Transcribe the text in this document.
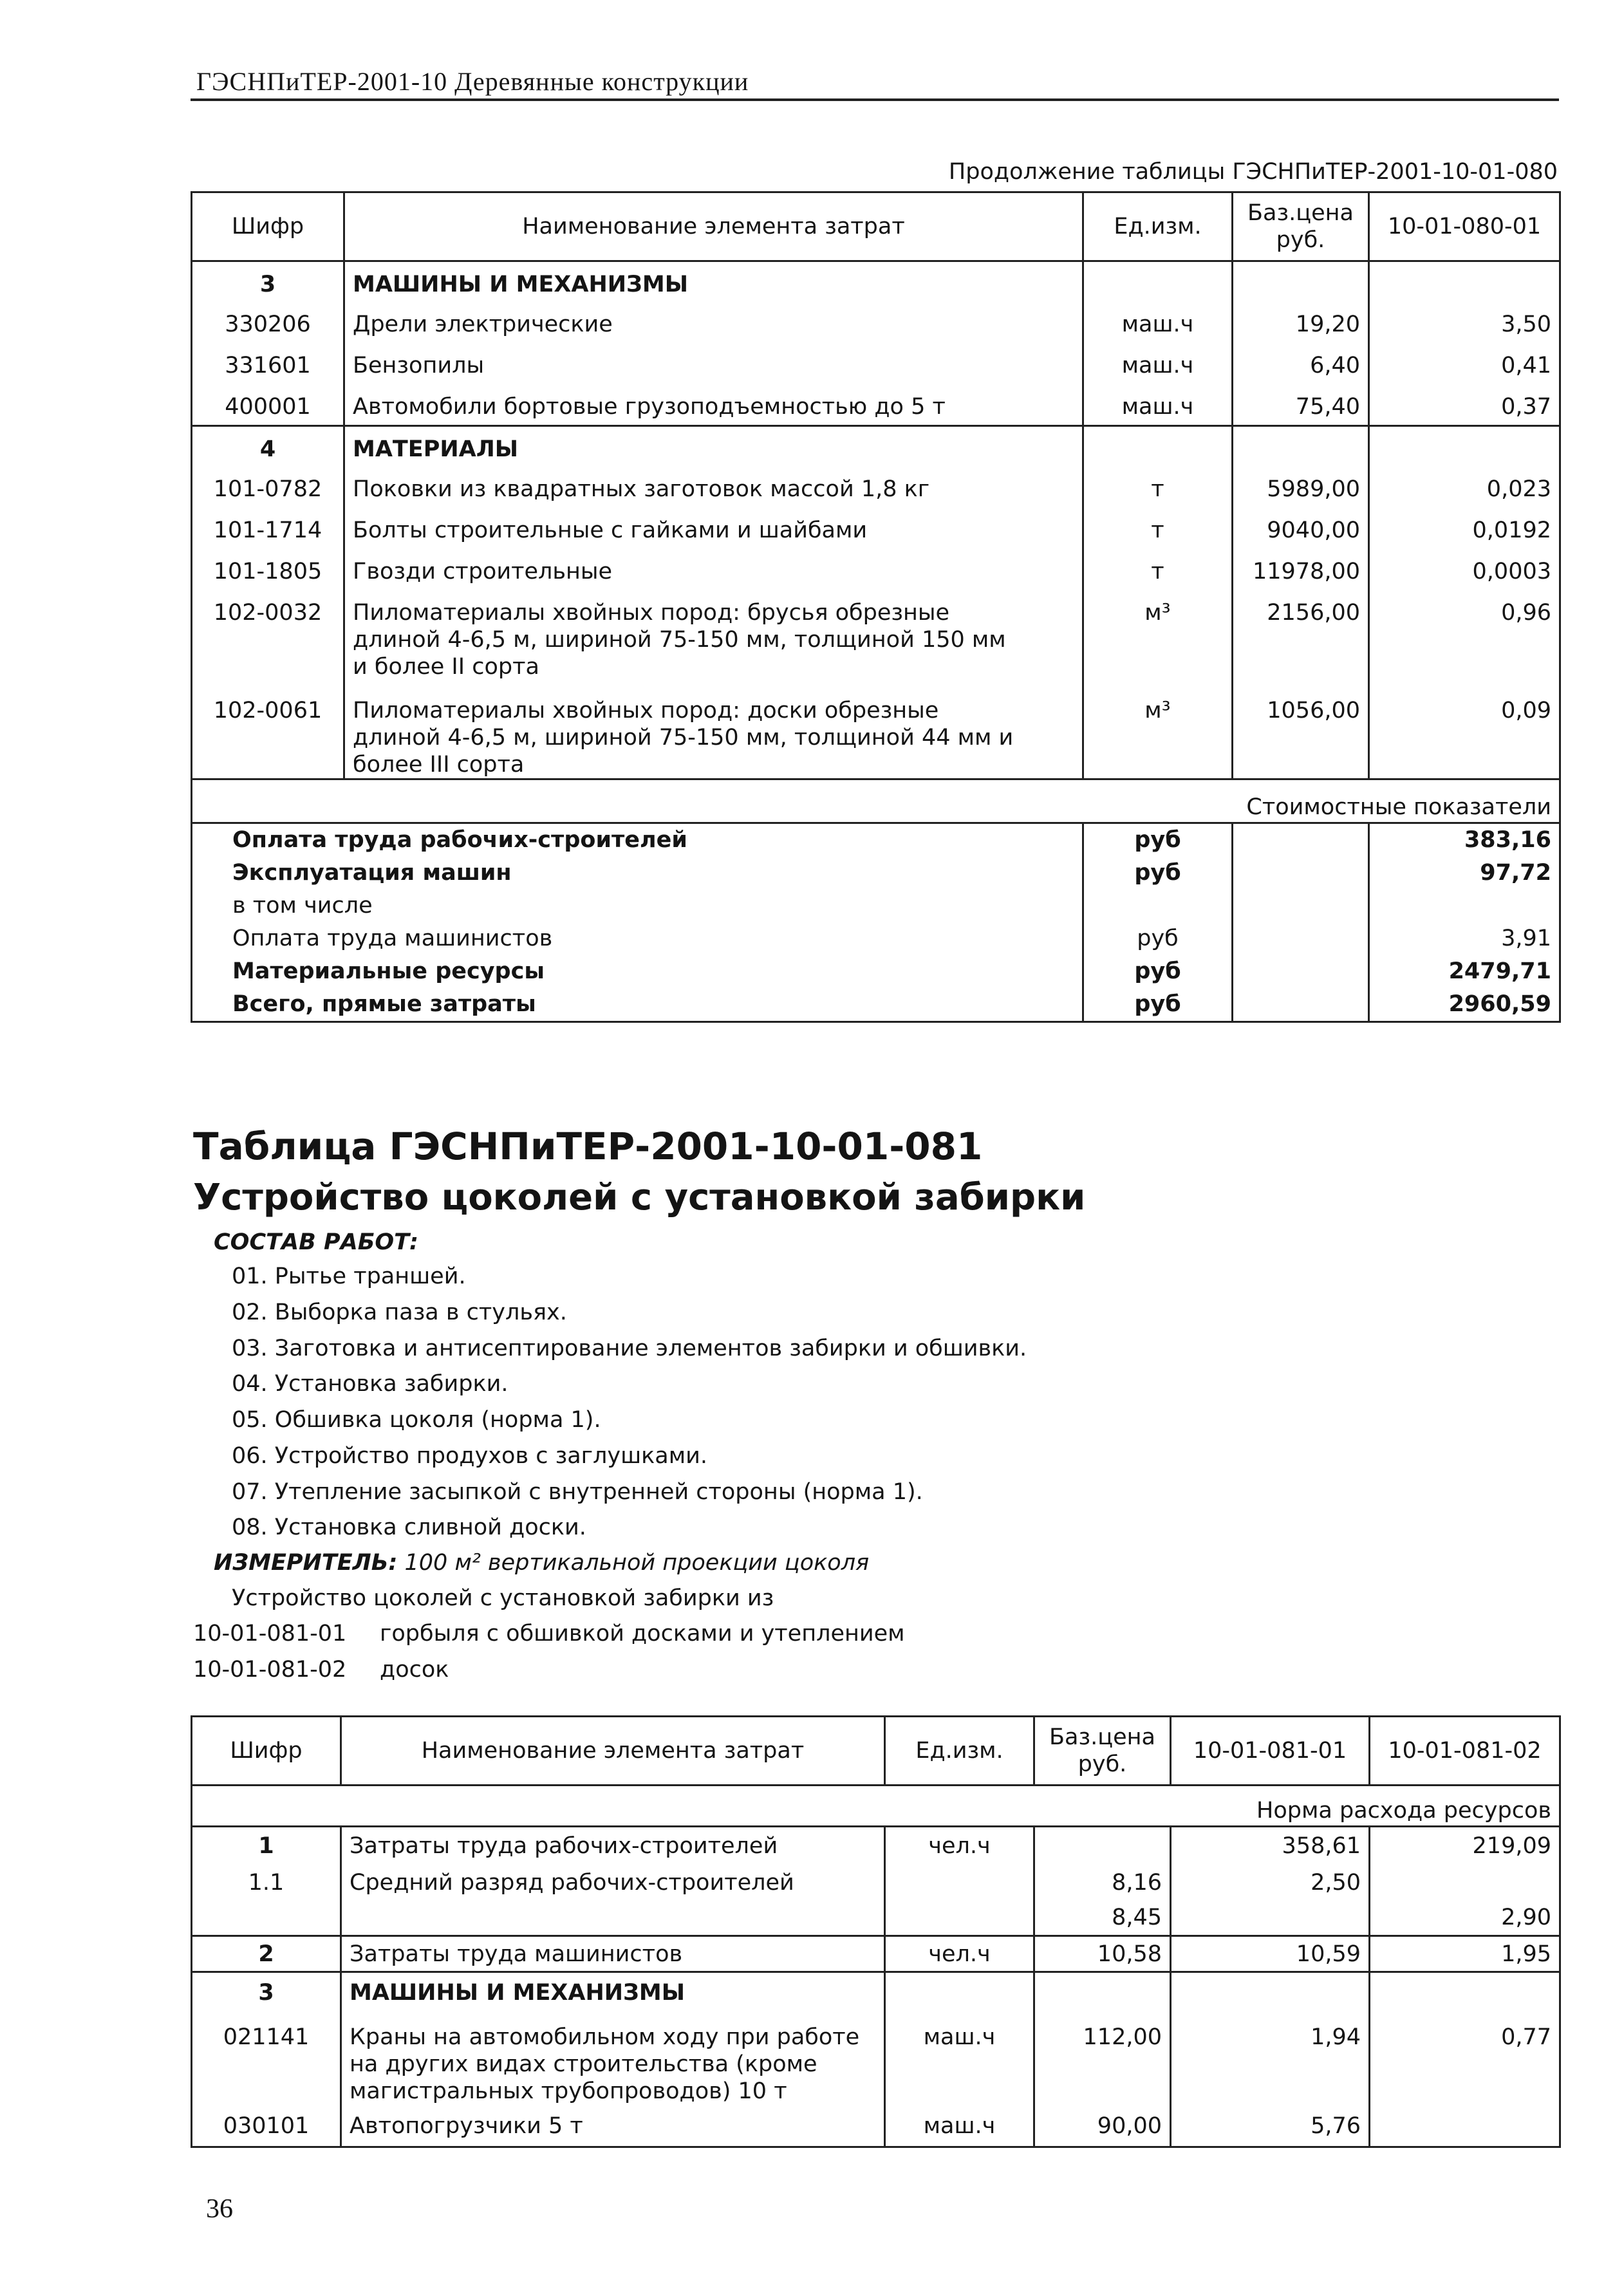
ГЭСНПиТЕР-2001-10 Деревянные конструкции
Продолжение таблицы ГЭСНПиТЕР-2001-10-01-080
Шифр	Наименование элемента затрат	Ед.изм.	Баз.цена руб.	10-01-080-01
3	МАШИНЫ И МЕХАНИЗМЫ			
330206	Дрели электрические	маш.ч	19,20	3,50
331601	Бензопилы	маш.ч	6,40	0,41
400001	Автомобили бортовые грузоподъемностью до 5 т	маш.ч	75,40	0,37
4	МАТЕРИАЛЫ			
101-0782	Поковки из квадратных заготовок массой 1,8 кг	т	5989,00	0,023
101-1714	Болты строительные с гайками и шайбами	т	9040,00	0,0192
101-1805	Гвозди строительные	т	11978,00	0,0003
102-0032	Пиломатериалы хвойных пород: брусья обрезные длиной 4-6,5 м, шириной 75-150 мм, толщиной 150 мм и более II сорта	м³	2156,00	0,96
102-0061	Пиломатериалы хвойных пород: доски обрезные длиной 4-6,5 м, шириной 75-150 мм, толщиной 44 мм и более III сорта	м³	1056,00	0,09
Стоимостные показатели				
Оплата труда рабочих-строителей		руб		383,16
Эксплуатация машин		руб		97,72
в том числе				
Оплата труда машинистов		руб		3,91
Материальные ресурсы		руб		2479,71
Всего, прямые затраты		руб		2960,59
Таблица ГЭСНПиТЕР-2001-10-01-081
Устройство цоколей с установкой забирки
СОСТАВ РАБОТ:
01. Рытье траншей.
02. Выборка паза в стульях.
03. Заготовка и антисептирование элементов забирки и обшивки.
04. Установка забирки.
05. Обшивка цоколя (норма 1).
06. Устройство продухов с заглушками.
07. Утепление засыпкой с внутренней стороны (норма 1).
08. Установка сливной доски.
ИЗМЕРИТЕЛЬ: 100 м² вертикальной проекции цоколя
Устройство цоколей с установкой забирки из
10-01-081-01 горбыля с обшивкой досками и утеплением
10-01-081-02 досок
Шифр	Наименование элемента затрат	Ед.изм.	Баз.цена руб.	10-01-081-01	10-01-081-02
Норма расхода ресурсов					
1	Затраты труда рабочих-строителей	чел.ч		358,61	219,09
1.1	Средний разряд рабочих-строителей		8,16	2,50	
			8,45		2,90
2	Затраты труда машинистов	чел.ч	10,58	10,59	1,95
3	МАШИНЫ И МЕХАНИЗМЫ				
021141	Краны на автомобильном ходу при работе на других видах строительства (кроме магистральных трубопроводов) 10 т	маш.ч	112,00	1,94	0,77
030101	Автопогрузчики 5 т	маш.ч	90,00	5,76	
36
